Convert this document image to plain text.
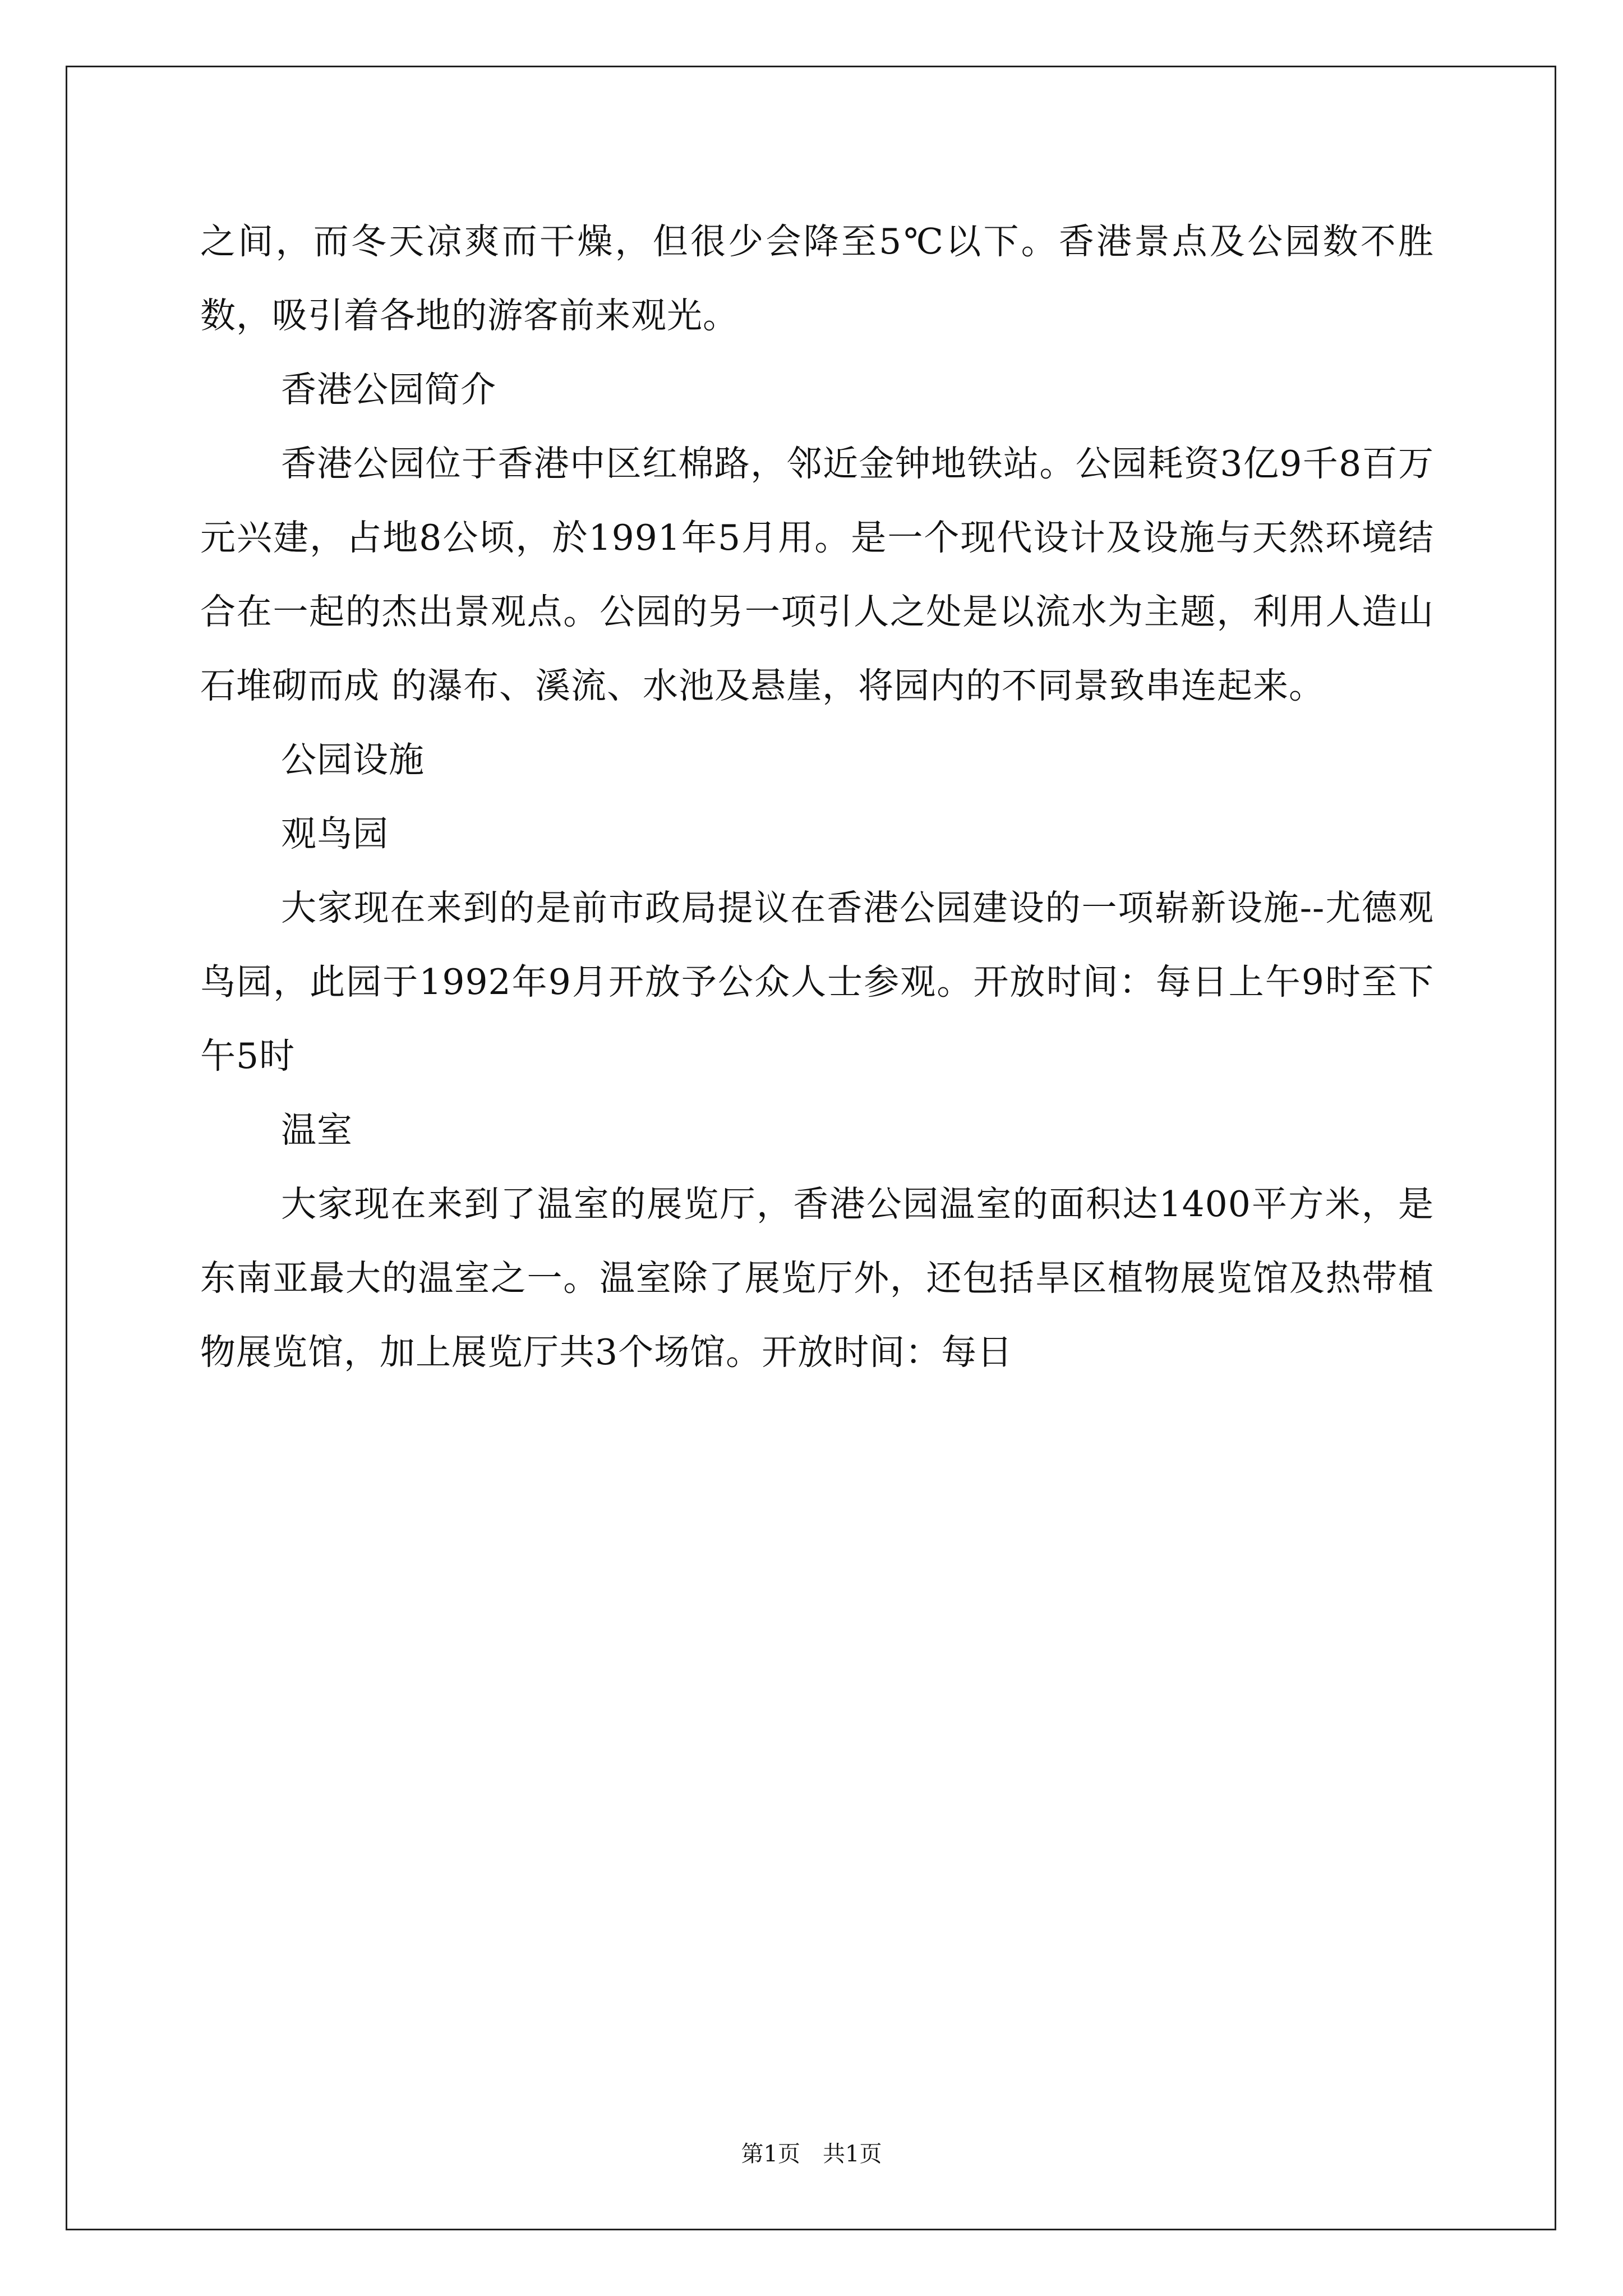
之间，而冬天凉爽而干燥，但很少会降至5℃以下。香港景点及公园数不胜数，吸引着各地的游客前来观光。

香港公园简介

香港公园位于香港中区红棉路，邻近金钟地铁站。公园耗资3亿9千8百万元兴建，占地8公顷，於1991年5月用。是一个现代设计及设施与天然环境结合在一起的杰出景观点。公园的另一项引人之处是以流水为主题，利用人造山石堆砌而成 的瀑布、溪流、水池及悬崖，将园内的不同景致串连起来。

公园设施

观鸟园

大家现在来到的是前市政局提议在香港公园建设的一项崭新设施--尤德观鸟园，此园于1992年9月开放予公众人士参观。开放时间：每日上午9时至下午5时

温室

大家现在来到了温室的展览厅，香港公园温室的面积达1400平方米，是东南亚最大的温室之一。温室除了展览厅外，还包括旱区植物展览馆及热带植物展览馆，加上展览厅共3个场馆。开放时间：每日

第1页　共1页
